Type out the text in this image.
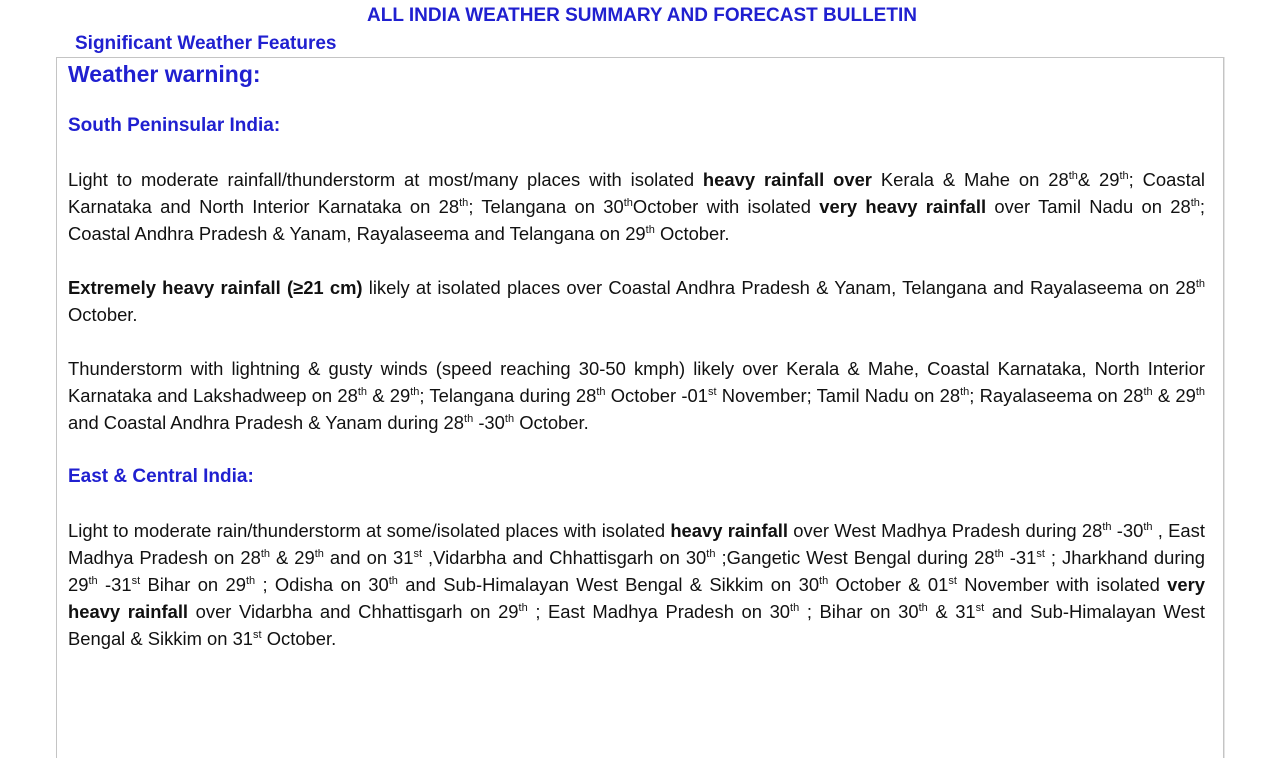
ALL INDIA WEATHER SUMMARY AND FORECAST BULLETIN
Significant Weather Features
Weather warning:
South Peninsular India:
Light to moderate rainfall/thunderstorm at most/many places with isolated heavy rainfall over Kerala & Mahe on 28th& 29th; Coastal Karnataka and North Interior Karnataka on 28th; Telangana on 30thOctober with isolated very heavy rainfall over Tamil Nadu on 28th; Coastal Andhra Pradesh & Yanam, Rayalaseema and Telangana on 29th October.
Extremely heavy rainfall (≥21 cm) likely at isolated places over Coastal Andhra Pradesh & Yanam, Telangana and Rayalaseema on 28th October.
Thunderstorm with lightning & gusty winds (speed reaching 30-50 kmph) likely over Kerala & Mahe, Coastal Karnataka, North Interior Karnataka and Lakshadweep on 28th & 29th; Telangana during 28th October -01st November; Tamil Nadu on 28th; Rayalaseema on 28th & 29th and Coastal Andhra Pradesh & Yanam during 28th -30th October.
East & Central India:
Light to moderate rain/thunderstorm at some/isolated places with isolated heavy rainfall over West Madhya Pradesh during 28th -30th , East Madhya Pradesh on 28th & 29th and on 31st ,Vidarbha and Chhattisgarh on 30th ;Gangetic West Bengal during 28th -31st ; Jharkhand during 29th -31st Bihar on 29th ; Odisha on 30th and Sub-Himalayan West Bengal & Sikkim on 30th October & 01st November with isolated very heavy rainfall over Vidarbha and Chhattisgarh on 29th ; East Madhya Pradesh on 30th ; Bihar on 30th & 31st and Sub-Himalayan West Bengal & Sikkim on 31st October.
